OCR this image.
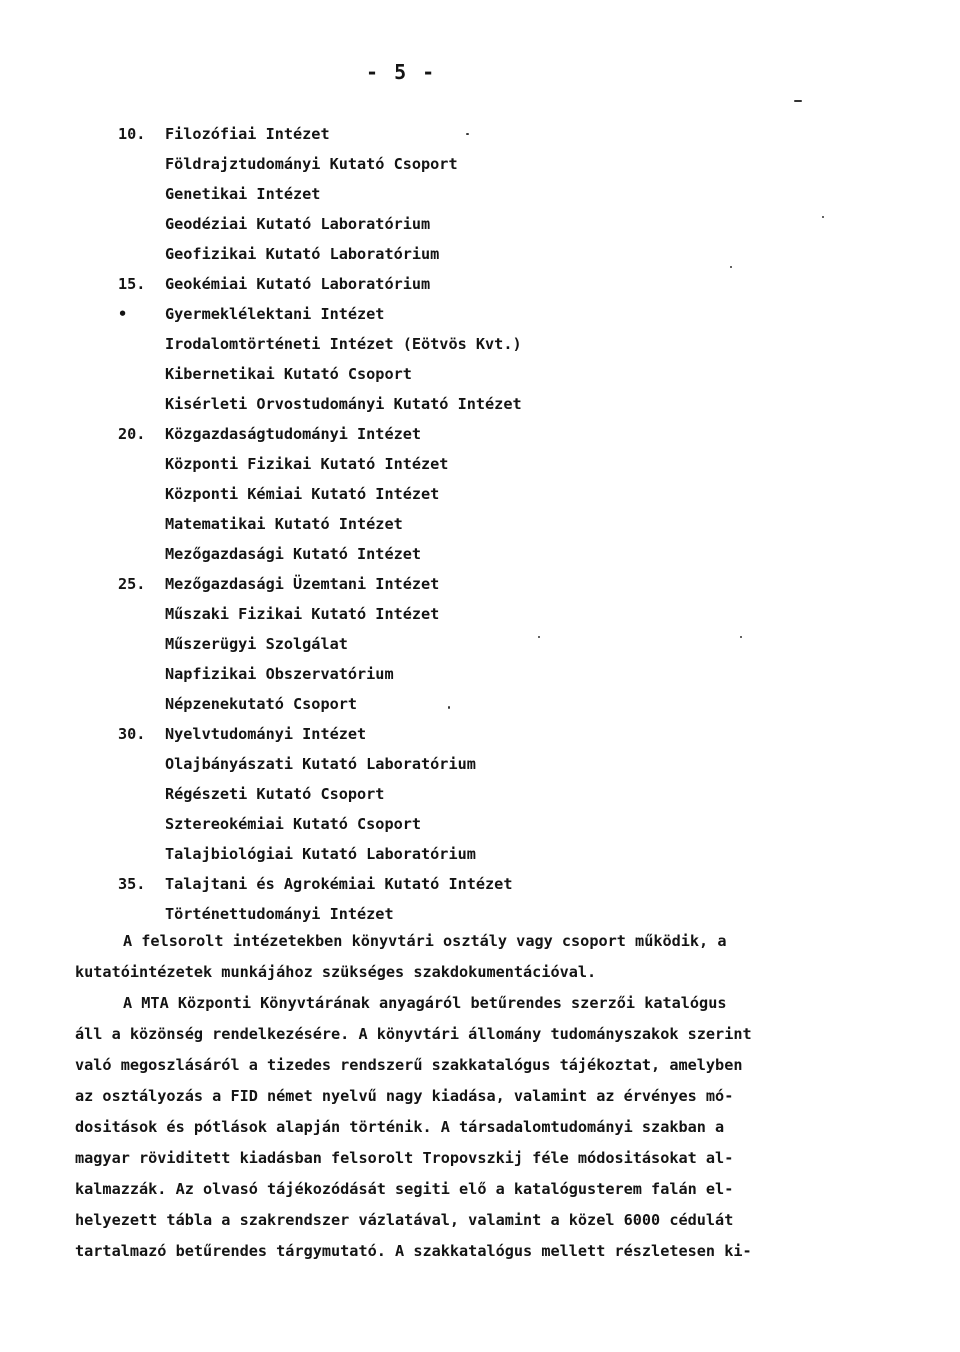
- 5 -
10. Filozófiai Intézet
Földrajztudományi Kutató Csoport
Genetikai Intézet
Geodéziai Kutató Laboratórium
Geofizikai Kutató Laboratórium
15. Geokémiai Kutató Laboratórium
• Gyermeklélektani Intézet
Irodalomtörténeti Intézet (Eötvös Kvt.)
Kibernetikai Kutató Csoport
Kisérleti Orvostudományi Kutató Intézet
20. Közgazdaságtudományi Intézet
Központi Fizikai Kutató Intézet
Központi Kémiai Kutató Intézet
Matematikai Kutató Intézet
Mezőgazdasági Kutató Intézet
25. Mezőgazdasági Üzemtani Intézet
Műszaki Fizikai Kutató Intézet
Műszerügyi Szolgálat
Napfizikai Obszervatórium
Népzenekutató Csoport
30. Nyelvtudományi Intézet
Olajbányászati Kutató Laboratórium
Régészeti Kutató Csoport
Sztereokémiai Kutató Csoport
Talajbiológiai Kutató Laboratórium
35. Talajtani és Agrokémiai Kutató Intézet
Történettudományi Intézet
A felsorolt intézetekben könyvtári osztály vagy csoport működik, a
kutatóintézetek munkájához szükséges szakdokumentációval.
A MTA Központi Könyvtárának anyagáról betűrendes szerzői katalógus
áll a közönség rendelkezésére. A könyvtári állomány tudományszakok szerint
való megoszlásáról a tizedes rendszerű szakkatalógus tájékoztat, amelyben
az osztályozás a FID német nyelvű nagy kiadása, valamint az érvényes mó-
dositások és pótlások alapján történik. A társadalomtudományi szakban a
magyar röviditett kiadásban felsorolt Tropovszkij féle módositásokat al-
kalmazzák. Az olvasó tájékozódását segiti elő a katalógusterem falán el-
helyezett tábla a szakrendszer vázlatával, valamint a közel 6000 cédulát
tartalmazó betűrendes tárgymutató. A szakkatalógus mellett részletesen ki-
